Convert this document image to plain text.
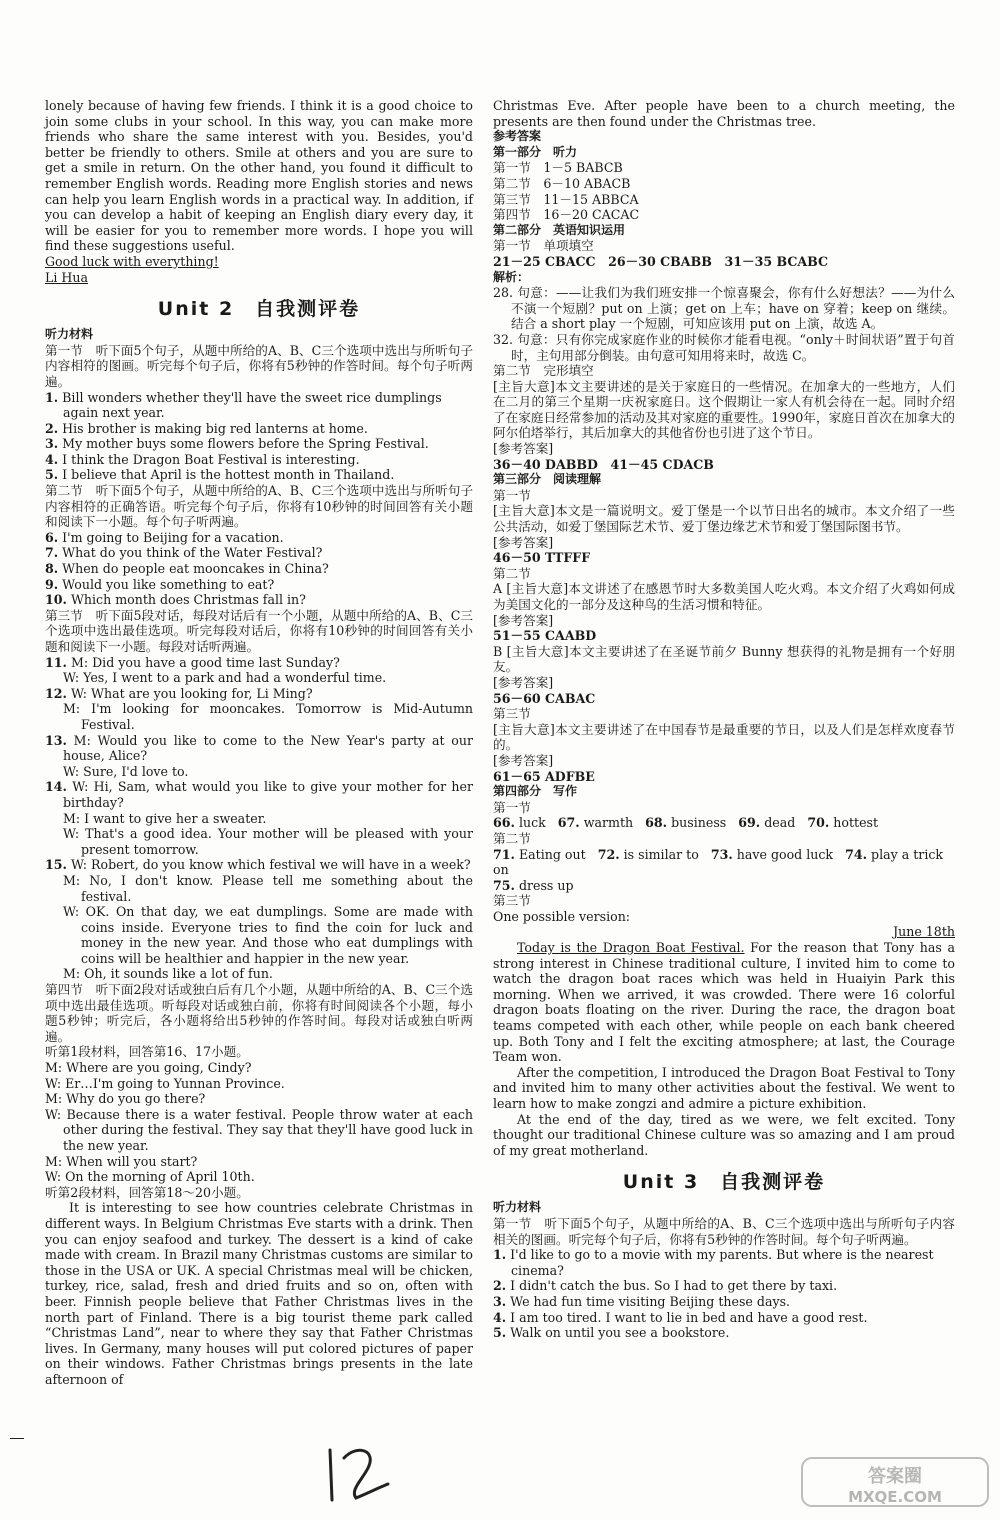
lonely because of having few friends. I think it is a good choice to join some clubs in your school. In this way, you can make more friends who share the same interest with you. Besides, you'd better be friendly to others. Smile at others and you are sure to get a smile in return. On the other hand, you found it difficult to remember English words. Reading more English stories and news can help you learn English words in a practical way. In addition, if you can develop a habit of keeping an English diary every day, it will be easier for you to remember more words. I hope you will find these suggestions useful.

Good luck with everything!

Li Hua

Unit 2　自我测评卷

听力材料

第一节　听下面5个句子，从题中所给的A、B、C三个选项中选出与所听句子内容相符的图画。听完每个句子后，你将有5秒钟的作答时间。每个句子听两遍。

1. Bill wonders whether they'll have the sweet rice dumplings again next year.

2. His brother is making big red lanterns at home.

3. My mother buys some flowers before the Spring Festival.

4. I think the Dragon Boat Festival is interesting.

5. I believe that April is the hottest month in Thailand.

第二节　听下面5个句子，从题中所给的A、B、C三个选项中选出与所听句子内容相符的正确答语。听完每个句子后，你将有10秒钟的时间回答有关小题和阅读下一小题。每个句子听两遍。

6. I'm going to Beijing for a vacation.

7. What do you think of the Water Festival?

8. When do people eat mooncakes in China?

9. Would you like something to eat?

10. Which month does Christmas fall in?

第三节　听下面5段对话，每段对话后有一个小题，从题中所给的A、B、C三个选项中选出最佳选项。听完每段对话后，你将有10秒钟的时间回答有关小题和阅读下一小题。每段对话听两遍。

11. M: Did you have a good time last Sunday?

W: Yes, I went to a park and had a wonderful time.

12. W: What are you looking for, Li Ming?

M: I'm looking for mooncakes. Tomorrow is Mid-Autumn Festival.

13. M: Would you like to come to the New Year's party at our house, Alice?

W: Sure, I'd love to.

14. W: Hi, Sam, what would you like to give your mother for her birthday?

M: I want to give her a sweater.

W: That's a good idea. Your mother will be pleased with your present tomorrow.

15. W: Robert, do you know which festival we will have in a week?

M: No, I don't know. Please tell me something about the festival.

W: OK. On that day, we eat dumplings. Some are made with coins inside. Everyone tries to find the coin for luck and money in the new year. And those who eat dumplings with coins will be healthier and happier in the new year.

M: Oh, it sounds like a lot of fun.

第四节　听下面2段对话或独白后有几个小题，从题中所给的A、B、C三个选项中选出最佳选项。听每段对话或独白前，你将有时间阅读各个小题，每小题5秒钟；听完后，各小题将给出5秒钟的作答时间。每段对话或独白听两遍。

听第1段材料，回答第16、17小题。

M: Where are you going, Cindy?

W: Er…I'm going to Yunnan Province.

M: Why do you go there?

W: Because there is a water festival. People throw water at each other during the festival. They say that they'll have good luck in the new year.

M: When will you start?

W: On the morning of April 10th.

听第2段材料，回答第18～20小题。

It is interesting to see how countries celebrate Christmas in different ways. In Belgium Christmas Eve starts with a drink. Then you can enjoy seafood and turkey. The dessert is a kind of cake made with cream. In Brazil many Christmas customs are similar to those in the USA or UK. A special Christmas meal will be chicken, turkey, rice, salad, fresh and dried fruits and so on, often with beer. Finnish people believe that Father Christmas lives in the north part of Finland. There is a big tourist theme park called “Christmas Land”, near to where they say that Father Christmas lives. In Germany, many houses will put colored pictures of paper on their windows. Father Christmas brings presents in the late afternoon of

Christmas Eve. After people have been to a church meeting, the presents are then found under the Christmas tree.

参考答案

第一部分　听力

第一节　1－5 BABCB

第二节　6－10 ABACB

第三节　11－15 ABBCA

第四节　16－20 CACAC

第二部分　英语知识运用

第一节　单项填空

21－25 CBACC　26－30 CBABB　31－35 BCABC

解析：

28. 句意：——让我们为我们班安排一个惊喜聚会，你有什么好想法？——为什么不演一个短剧？put on 上演；get on 上车；have on 穿着；keep on 继续。结合 a short play 一个短剧，可知应该用 put on 上演，故选 A。

32. 句意：只有你完成家庭作业的时候你才能看电视。“only＋时间状语”置于句首时，主句用部分倒装。由句意可知用将来时，故选 C。

第二节　完形填空

[主旨大意]本文主要讲述的是关于家庭日的一些情况。在加拿大的一些地方，人们在二月的第三个星期一庆祝家庭日。这个假期让一家人有机会待在一起。同时介绍了在家庭日经常参加的活动及其对家庭的重要性。1990年，家庭日首次在加拿大的阿尔伯塔举行，其后加拿大的其他省份也引进了这个节日。

[参考答案]

36－40 DABBD　41－45 CDACB

第三部分　阅读理解

第一节

[主旨大意]本文是一篇说明文。爱丁堡是一个以节日出名的城市。本文介绍了一些公共活动，如爱丁堡国际艺术节、爱丁堡边缘艺术节和爱丁堡国际图书节。

[参考答案]

46－50 TTFFF

第二节

A [主旨大意]本文讲述了在感恩节时大多数美国人吃火鸡。本文介绍了火鸡如何成为美国文化的一部分及这种鸟的生活习惯和特征。

[参考答案]

51－55 CAABD

B [主旨大意]本文主要讲述了在圣诞节前夕 Bunny 想获得的礼物是拥有一个好朋友。

[参考答案]

56－60 CABAC

第三节

[主旨大意]本文主要讲述了在中国春节是最重要的节日，以及人们是怎样欢度春节的。

[参考答案]

61－65 ADFBE

第四部分　写作

第一节

66. luck 67. warmth 68. business 69. dead 70. hottest

第二节

71. Eating out 72. is similar to 73. have good luck 74. play a trick on

75. dress up

第三节

One possible version:

June 18th

Today is the Dragon Boat Festival. For the reason that Tony has a strong interest in Chinese traditional culture, I invited him to come to watch the dragon boat races which was held in Huaiyin Park this morning. When we arrived, it was crowded. There were 16 colorful dragon boats floating on the river. During the race, the dragon boat teams competed with each other, while people on each bank cheered up. Both Tony and I felt the exciting atmosphere; at last, the Courage Team won.

After the competition, I introduced the Dragon Boat Festival to Tony and invited him to many other activities about the festival. We went to learn how to make zongzi and admire a picture exhibition.

At the end of the day, tired as we were, we felt excited. Tony thought our traditional Chinese culture was so amazing and I am proud of my great motherland.

Unit 3　自我测评卷

听力材料

第一节　听下面5个句子，从题中所给的A、B、C三个选项中选出与所听句子内容相关的图画。听完每个句子后，你将有5秒钟的作答时间。每个句子听两遍。

1. I'd like to go to a movie with my parents. But where is the nearest cinema?

2. I didn't catch the bus. So I had to get there by taxi.

3. We had fun time visiting Beijing these days.

4. I am too tired. I want to lie in bed and have a good rest.

5. Walk on until you see a bookstore.

12
答案圈
MXQE.COM
